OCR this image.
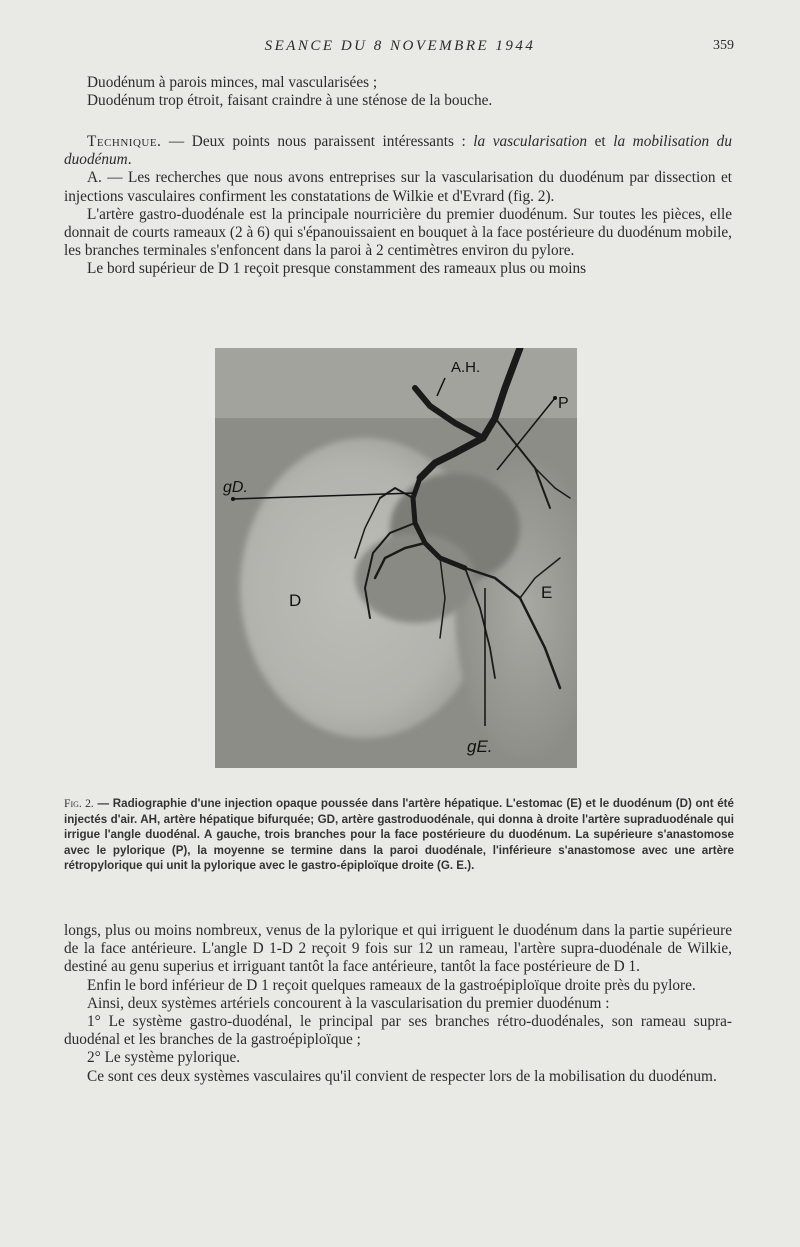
SEANCE DU 8 NOVEMBRE 1944	359

Duodénum à parois minces, mal vascularisées ;

Duodénum trop étroit, faisant craindre à une sténose de la bouche.

Technique. — Deux points nous paraissent intéressants : la vascularisation et la mobilisation du duodénum.

A. — Les recherches que nous avons entreprises sur la vascularisation du duodénum par dissection et injections vasculaires confirment les constatations de Wilkie et d'Evrard (fig. 2).

L'artère gastro-duodénale est la principale nourricière du premier duodénum. Sur toutes les pièces, elle donnait de courts rameaux (2 à 6) qui s'épanouissaient en bouquet à la face postérieure du duodénum mobile, les branches terminales s'enfoncent dans la paroi à 2 centimètres environ du pylore.

Le bord supérieur de D 1 reçoit presque constamment des rameaux plus ou moins

A.H.
P
gD.
D	E
gE.
Fig. 2. — Radiographie d'une injection opaque poussée dans l'artère hépatique. L'estomac (E) et le duodénum (D) ont été injectés d'air. AH, artère hépatique bifurquée; GD, artère gastroduodénale, qui donna à droite l'artère supraduodénale qui irrigue l'angle duodénal. A gauche, trois branches pour la face postérieure du duodénum. La supérieure s'anastomose avec le pylorique (P), la moyenne se termine dans la paroi duodénale, l'inférieure s'anastomose avec une artère rétropylorique qui unit la pylorique avec le gastro-épiploïque droite (G. E.).

longs, plus ou moins nombreux, venus de la pylorique et qui irriguent le duodénum dans la partie supérieure de la face antérieure. L'angle D 1-D 2 reçoit 9 fois sur 12 un rameau, l'artère supra-duodénale de Wilkie, destiné au genu superius et irriguant tantôt la face antérieure, tantôt la face postérieure de D 1.

Enfin le bord inférieur de D 1 reçoit quelques rameaux de la gastroépiploïque droite près du pylore.

Ainsi, deux systèmes artériels concourent à la vascularisation du premier duodénum :

1° Le système gastro-duodénal, le principal par ses branches rétro-duodénales, son rameau supra-duodénal et les branches de la gastroépiploïque ;

2° Le système pylorique.

Ce sont ces deux systèmes vasculaires qu'il convient de respecter lors de la mobilisation du duodénum.
